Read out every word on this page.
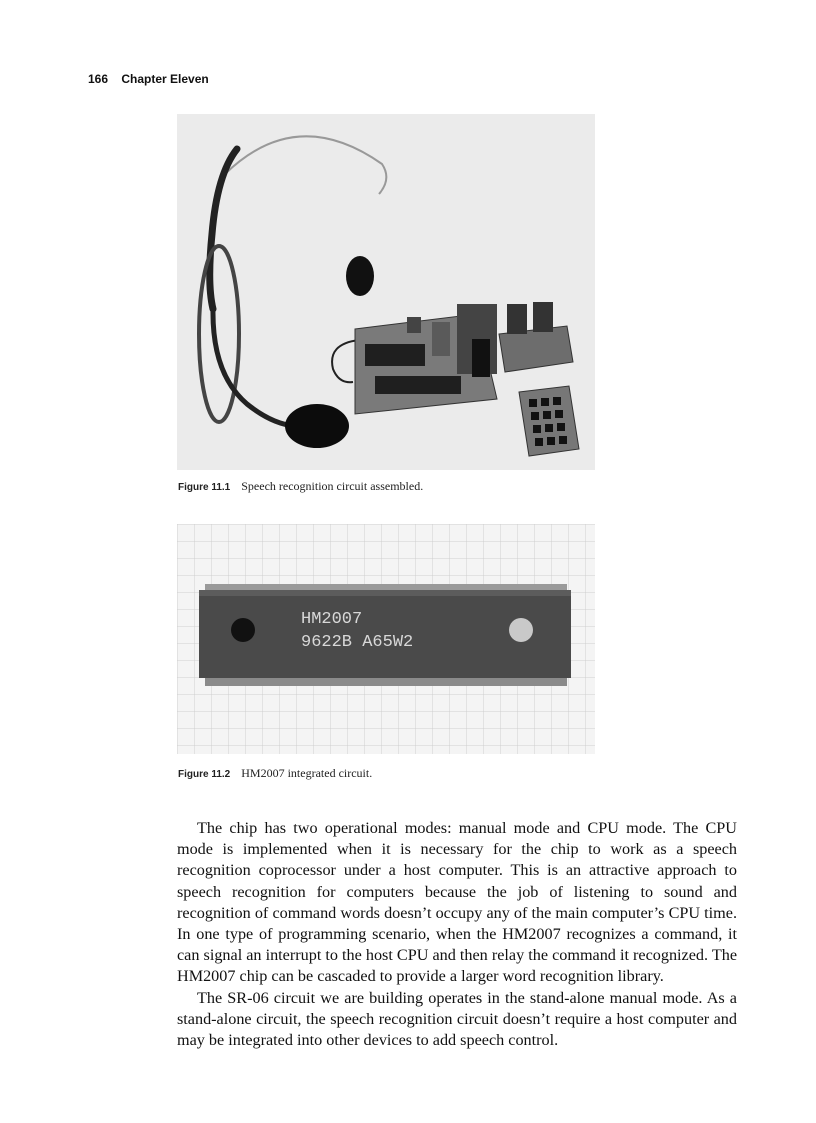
166 Chapter Eleven
Figure 11.1 Speech recognition circuit assembled.
HM2007
9622B A65W2
Figure 11.2 HM2007 integrated circuit.

The chip has two operational modes: manual mode and CPU mode. The CPU mode is implemented when it is necessary for the chip to work as a speech recognition coprocessor under a host computer. This is an attractive approach to speech recognition for computers because the job of listening to sound and recognition of command words doesn’t occupy any of the main computer’s CPU time. In one type of programming scenario, when the HM2007 recognizes a command, it can signal an interrupt to the host CPU and then relay the command it recognized. The HM2007 chip can be cascaded to provide a larger word recognition library.

The SR-06 circuit we are building operates in the stand-alone manual mode. As a stand-alone circuit, the speech recognition circuit doesn’t require a host computer and may be integrated into other devices to add speech control.
